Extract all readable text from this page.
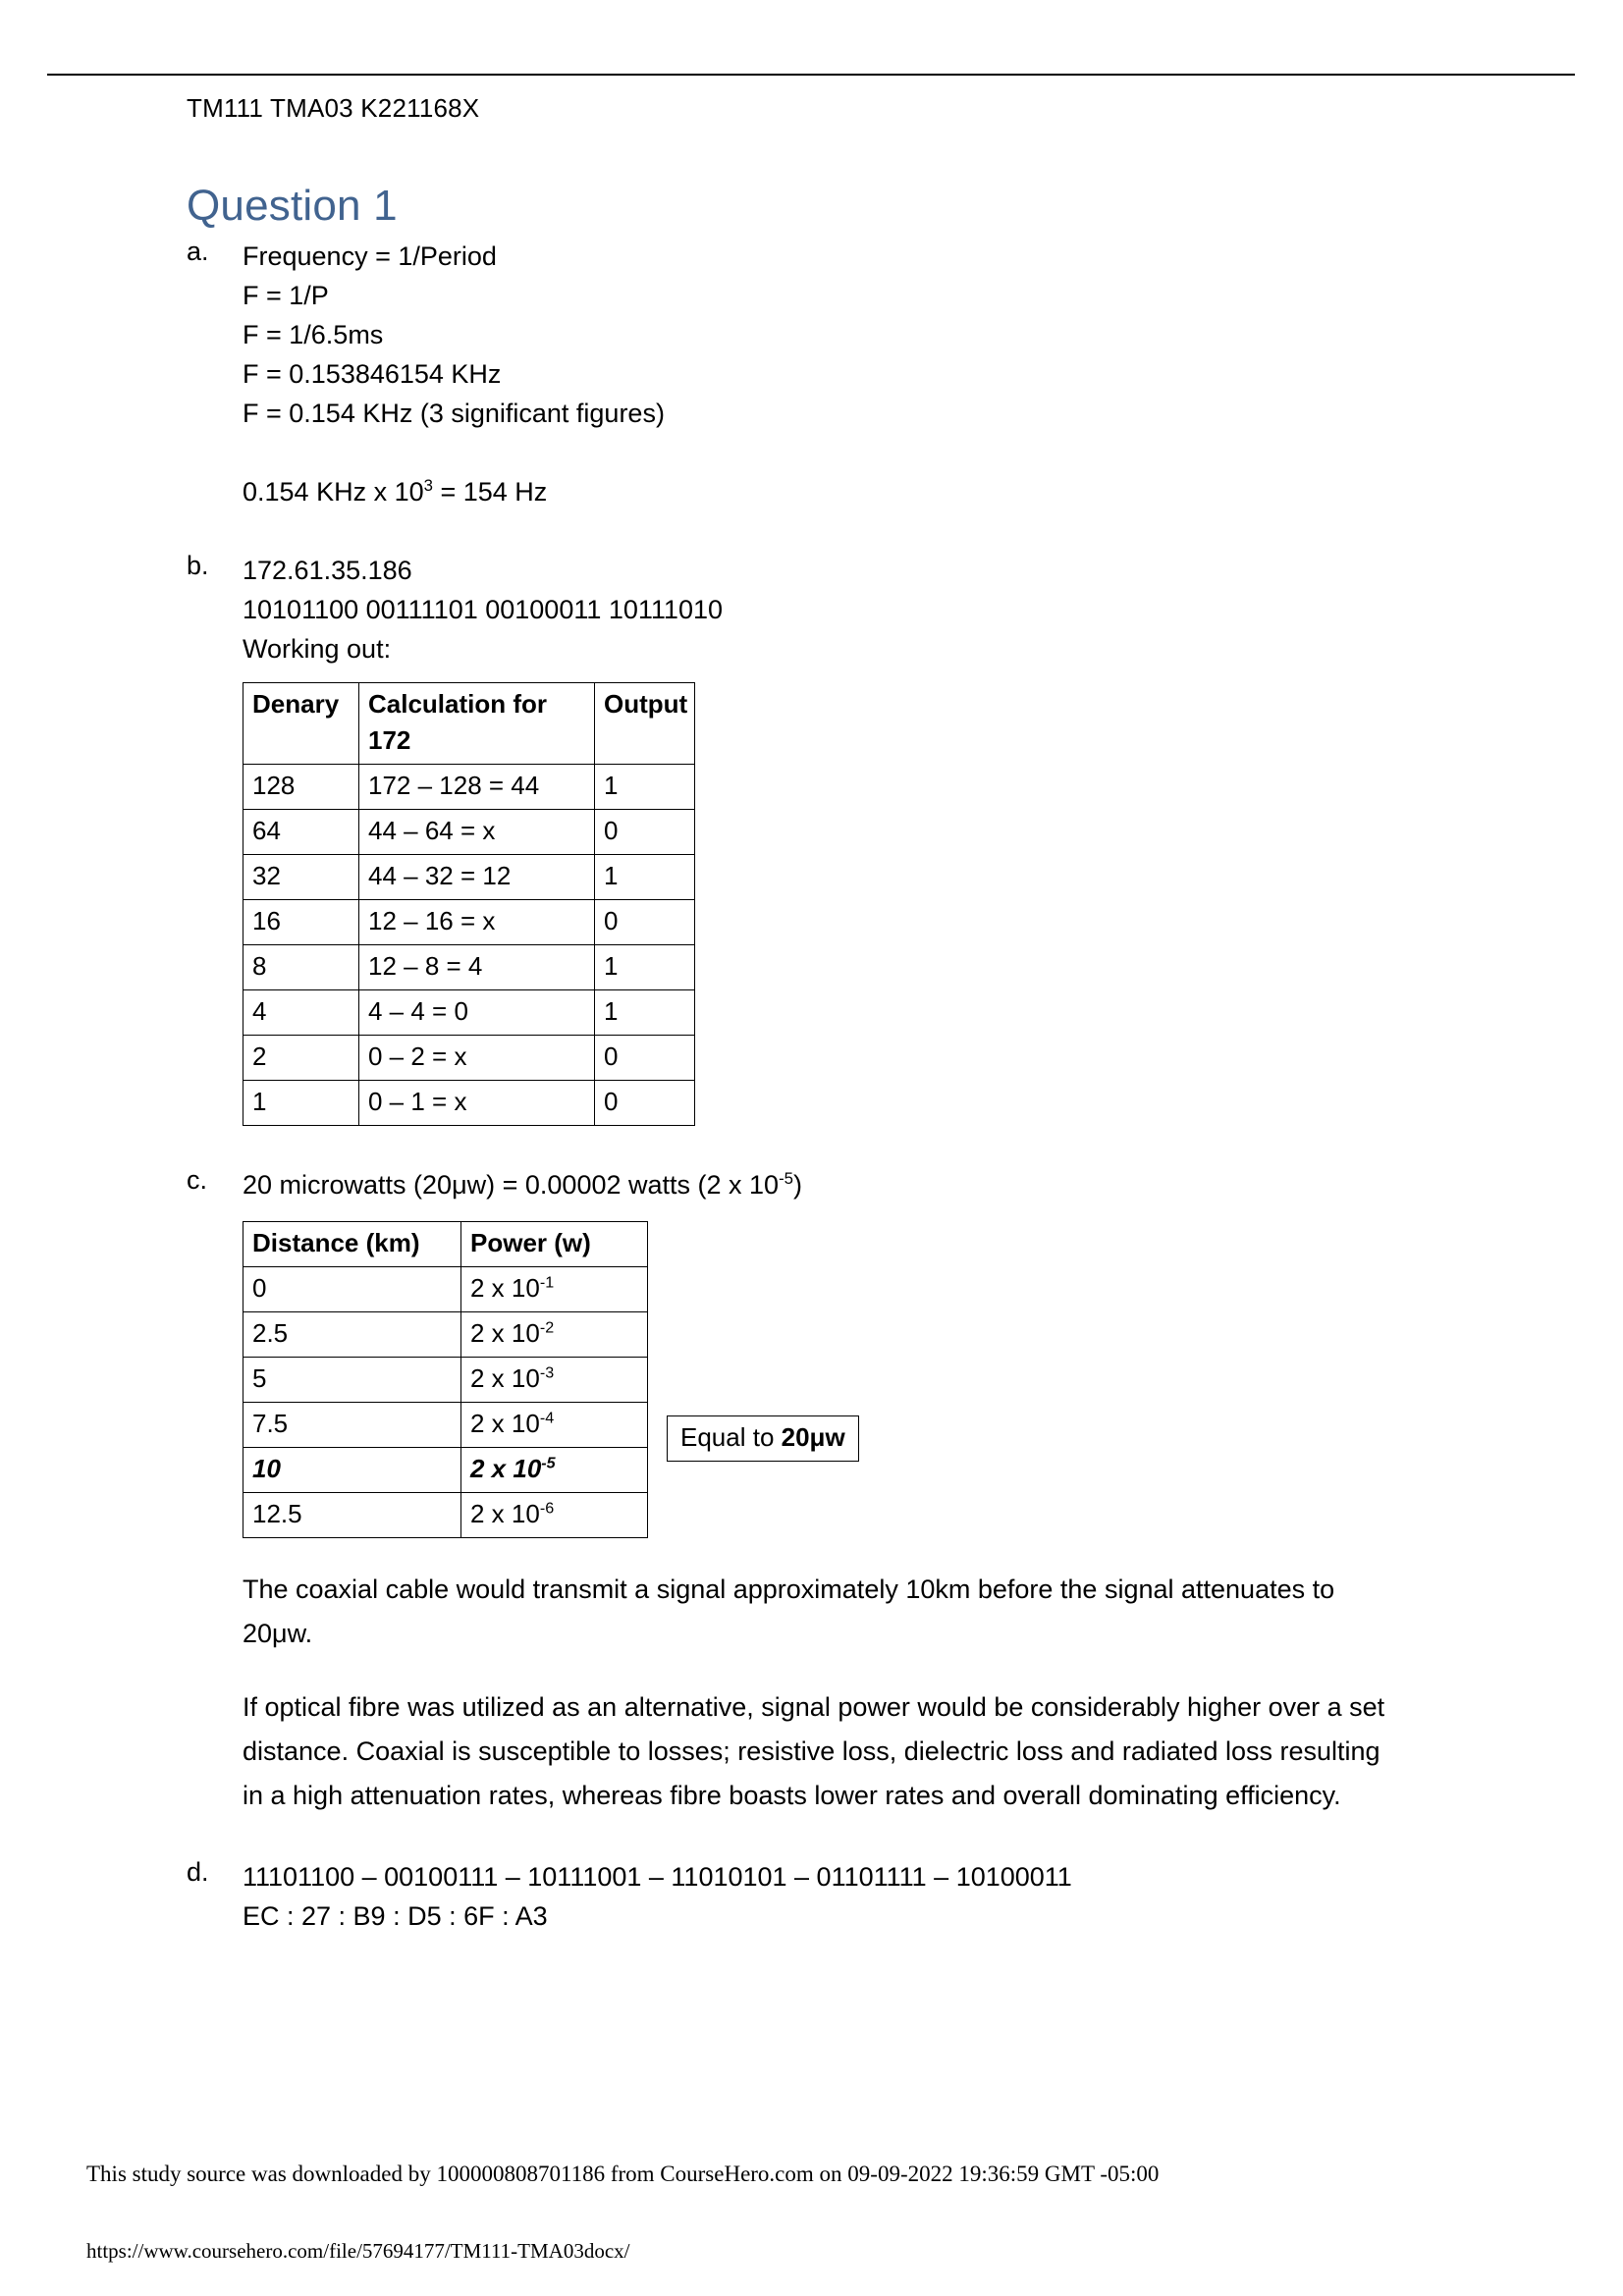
TM111 TMA03 K221168X
Question 1
a.	Frequency = 1/Period
F = 1/P
F = 1/6.5ms
F = 0.153846154 KHz
F = 0.154 KHz (3 significant figures)

0.154 KHz x $10^3 = 154$ Hz

b.	172.61.35.186
10101100 00111101 00100011 10111010
Working out:
Denary	Calculation for 172	Output
128	172 – 128 = 44	1
64	44 – 64 = x	0
32	44 – 32 = 12	1
16	12 – 16 = x	0
8	12 – 8 = 4	1
4	4 – 4 = 0	1
2	0 – 2 = x	0
1	0 – 1 = x	0

c.	20 microwatts (20μw) = 0.00002 watts (2 x $10^{-5}$)
Distance (km)	Power (w)
0	2 x $10^{-1}$
2.5	2 x $10^{-2}$
5	2 x $10^{-3}$
7.5	2 x $10^{-4}$
10	2 x $10^{-5}$
12.5	2 x $10^{-6}$
Equal to 20μw
The coaxial cable would transmit a signal approximately 10km before the signal attenuates to 20μw.
If optical fibre was utilized as an alternative, signal power would be considerably higher over a set distance. Coaxial is susceptible to losses; resistive loss, dielectric loss and radiated loss resulting in a high attenuation rates, whereas fibre boasts lower rates and overall dominating efficiency.

d.	11101100 – 00100111 – 10111001 – 11010101 – 01101111 – 10100011
EC : 27 : B9 : D5 : 6F : A3
This study source was downloaded by 100000808701186 from CourseHero.com on 09-09-2022 19:36:59 GMT -05:00
https://www.coursehero.com/file/57694177/TM111-TMA03docx/
